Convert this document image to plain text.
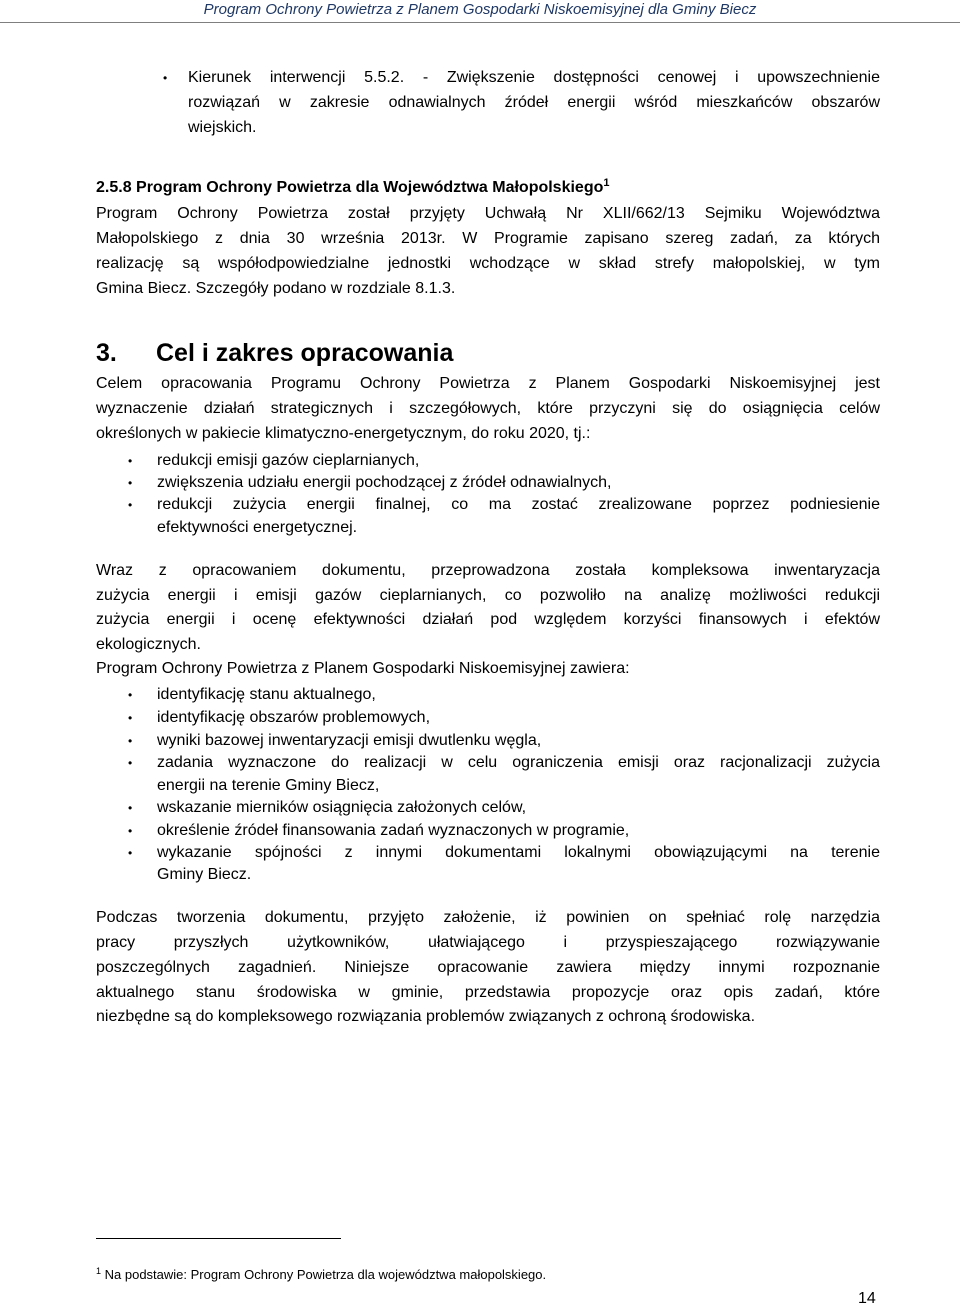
Program Ochrony Powietrza z Planem Gospodarki Niskoemisyjnej dla Gminy Biecz
• Kierunek interwencji 5.5.2. - Zwiększenie dostępności cenowej i upowszechnienie
rozwiązań w zakresie odnawialnych źródeł energii wśród mieszkańców obszarów
wiejskich.
2.5.8 Program Ochrony Powietrza dla Województwa Małopolskiego$^1$
Program Ochrony Powietrza został przyjęty Uchwałą Nr XLII/662/13 Sejmiku Województwa
Małopolskiego z dnia 30 września 2013r. W Programie zapisano szereg zadań, za których
realizację są współodpowiedzialne jednostki wchodzące w skład strefy małopolskiej, w tym
Gmina Biecz. Szczegóły podano w rozdziale 8.1.3.
3. Cel i zakres opracowania
Celem opracowania Programu Ochrony Powietrza z Planem Gospodarki Niskoemisyjnej jest
wyznaczenie działań strategicznych i szczegółowych, które przyczyni się do osiągnięcia celów
określonych w pakiecie klimatyczno-energetycznym, do roku 2020, tj.:
• redukcji emisji gazów cieplarnianych,
• zwiększenia udziału energii pochodzącej z źródeł odnawialnych,
• redukcji zużycia energii finalnej, co ma zostać zrealizowane poprzez podniesienie
efektywności energetycznej.
Wraz z opracowaniem dokumentu, przeprowadzona została kompleksowa inwentaryzacja
zużycia energii i emisji gazów cieplarnianych, co pozwoliło na analizę możliwości redukcji
zużycia energii i ocenę efektywności działań pod względem korzyści finansowych i efektów
ekologicznych.
Program Ochrony Powietrza z Planem Gospodarki Niskoemisyjnej zawiera:
• identyfikację stanu aktualnego,
• identyfikację obszarów problemowych,
• wyniki bazowej inwentaryzacji emisji dwutlenku węgla,
• zadania wyznaczone do realizacji w celu ograniczenia emisji oraz racjonalizacji zużycia
energii na terenie Gminy Biecz,
• wskazanie mierników osiągnięcia założonych celów,
• określenie źródeł finansowania zadań wyznaczonych w programie,
• wykazanie spójności z innymi dokumentami lokalnymi obowiązującymi na terenie
Gminy Biecz.
Podczas tworzenia dokumentu, przyjęto założenie, iż powinien on spełniać rolę narzędzia
pracy przyszłych użytkowników, ułatwiającego i przyspieszającego rozwiązywanie
poszczególnych zagadnień. Niniejsze opracowanie zawiera między innymi rozpoznanie
aktualnego stanu środowiska w gminie, przedstawia propozycje oraz opis zadań, które
niezbędne są do kompleksowego rozwiązania problemów związanych z ochroną środowiska.
$^1$ Na podstawie: Program Ochrony Powietrza dla województwa małopolskiego.
14
